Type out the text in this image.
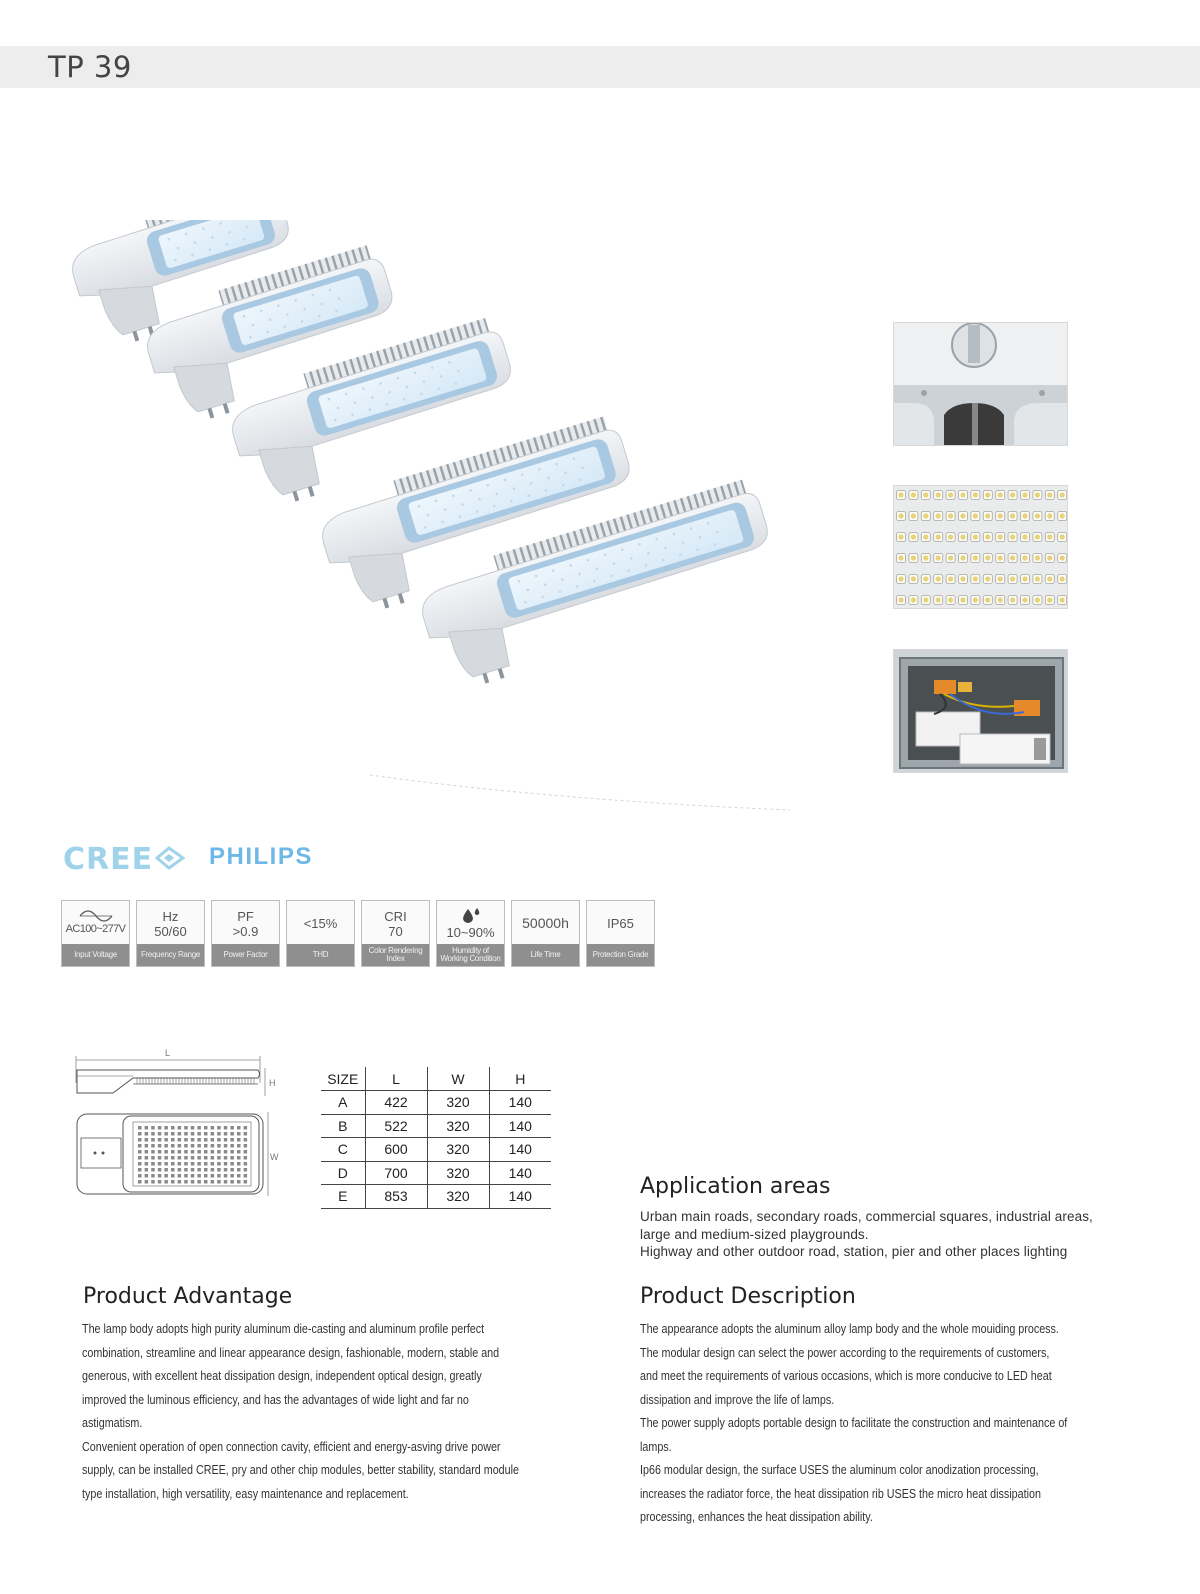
TP 39
CREE PHILIPS
AC100~277V
Input Voltage
Hz
50/60
Frequency Range
PF
>0.9
Power Factor
<15%
THD
CRI
70
Color Rendering Index
10~90%
Humidity of Working Condition
50000h
Life Time
IP65
Protection Grade
L
H
W
SIZE	L	W	H
A	422	320	140
B	522	320	140
C	600	320	140
D	700	320	140
E	853	320	140	Application areas
Urban main roads, secondary roads, commercial squares, industrial areas,
large and medium-sized playgrounds.
Highway and other outdoor road, station, pier and other places lighting
Product Advantage
The lamp body adopts high purity aluminum die-casting and aluminum profile perfect
combination, streamline and linear appearance design, fashionable, modern, stable and
generous, with excellent heat dissipation design, independent optical design, greatly
improved the luminous efficiency, and has the advantages of wide light and far no
astigmatism.
Convenient operation of open connection cavity, efficient and energy-asving drive power
supply, can be installed CREE, pry and other chip modules, better stability, standard module
type installation, high versatility, easy maintenance and replacement.
Product Description
The appearance adopts the aluminum alloy lamp body and the whole mouiding process.
The modular design can select the power according to the requirements of customers,
and meet the requirements of various occasions, which is more conducive to LED heat
dissipation and improve the life of lamps.
The power supply adopts portable design to facilitate the construction and maintenance of
lamps.
Ip66 modular design, the surface USES the aluminum color anodization processing,
increases the radiator force, the heat dissipation rib USES the micro heat dissipation
processing, enhances the heat dissipation ability.
